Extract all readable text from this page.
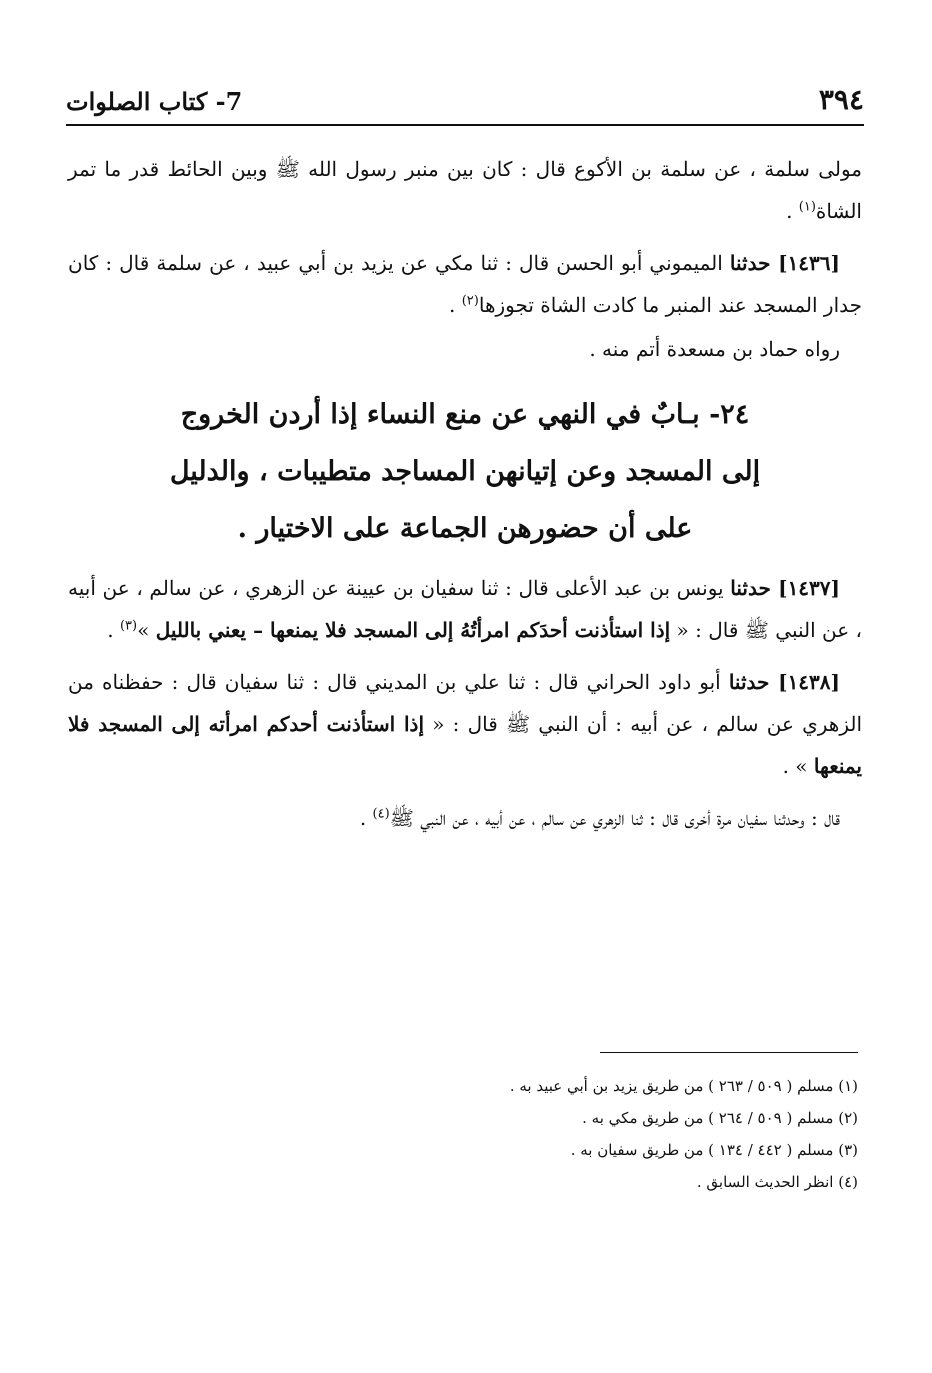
٣٩٤
7- كتاب الصلوات

مولى سلمة ، عن سلمة بن الأكوع قال : كان بين منبر رسول الله ﷺ وبين الحائط قدر ما تمر الشاة$^{(١)}$ .

[١٤٣٦] حدثنا الميموني أبو الحسن قال : ثنا مكي عن يزيد بن أبي عبيد ، عن سلمة قال : كان جدار المسجد عند المنبر ما كادت الشاة تجوزها$^{(٢)}$ .

رواه حماد بن مسعدة أتم منه .

٢٤- بـابٌ في النهي عن منع النساء إذا أردن الخروج
إلى المسجد وعن إتيانهن المساجد متطيبات ، والدليل
على أن حضورهن الجماعة على الاختيار .

[١٤٣٧] حدثنا يونس بن عبد الأعلى قال : ثنا سفيان بن عيينة عن الزهري ، عن سالم ، عن أبيه ، عن النبي ﷺ قال : « إذا استأذنت أحدَكم امرأتُهُ إلى المسجد فلا يمنعها – يعني بالليل »$^{(٣)}$ .

[١٤٣٨] حدثنا أبو داود الحراني قال : ثنا علي بن المديني قال : ثنا سفيان قال : حفظناه من الزهري عن سالم ، عن أبيه : أن النبي ﷺ قال : « إذا استأذنت أحدكم امرأته إلى المسجد فلا يمنعها » .

قال : وحدثنا سفيان مرة أخرى قال : ثنا الزهري عن سالم ، عن أبيه ، عن النبي ﷺ$^{(٤)}$ .

(١) مسلم ( ٥٠٩ / ٢٦٣ ) من طريق يزيد بن أبي عبيد به .
(٢) مسلم ( ٥٠٩ / ٢٦٤ ) من طريق مكي به .
(٣) مسلم ( ٤٤٢ / ١٣٤ ) من طريق سفيان به .
(٤) انظر الحديث السابق .
